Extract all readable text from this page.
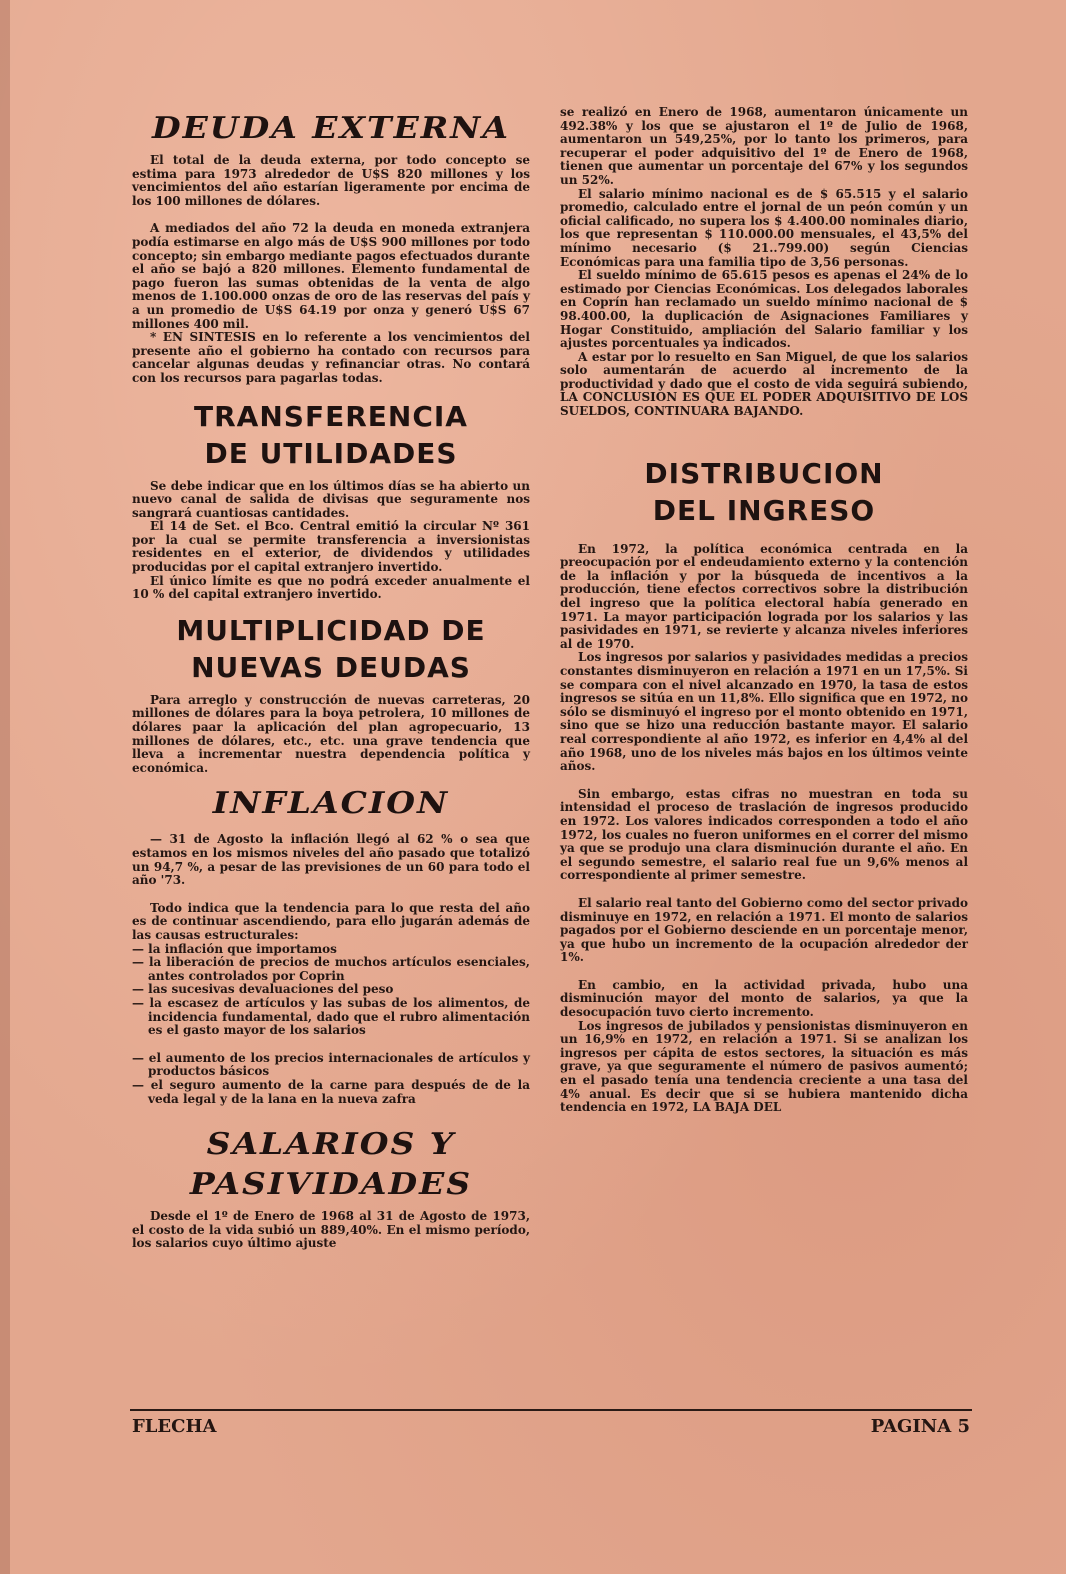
DEUDA EXTERNA

El total de la deuda externa, por todo concepto se estima para 1973 alrededor de U$S 820 millones y los vencimientos del año estarían ligeramente por encima de los 100 millones de dólares.

A mediados del año 72 la deuda en moneda extranjera podía estimarse en algo más de U$S 900 millones por todo concepto; sin embargo mediante pagos efectuados durante el año se bajó a 820 millones. Elemento fundamental de pago fueron las sumas obtenidas de la venta de algo menos de 1.100.000 onzas de oro de las reservas del país y a un promedio de U$S 64.19 por onza y generó U$S 67 millones 400 mil.

* EN SINTESIS en lo referente a los vencimientos del presente año el gobierno ha contado con recursos para cancelar algunas deudas y refinanciar otras. No contará con los recursos para pagarlas todas.

TRANSFERENCIA
DE UTILIDADES

Se debe indicar que en los últimos días se ha abierto un nuevo canal de salida de divisas que seguramente nos sangrará cuantiosas cantidades.

El 14 de Set. el Bco. Central emitió la circular Nº 361 por la cual se permite transferencia a inversionistas residentes en el exterior, de dividendos y utilidades producidas por el capital extranjero invertido.

El único límite es que no podrá exceder anualmente el 10 % del capital extranjero invertido.

MULTIPLICIDAD DE
NUEVAS DEUDAS

Para arreglo y construcción de nuevas carreteras, 20 millones de dólares para la boya petrolera, 10 millones de dólares paar la aplicación del plan agropecuario, 13 millones de dólares, etc., etc. una grave tendencia que lleva a incrementar nuestra dependencia política y económica.

INFLACION

— 31 de Agosto la inflación llegó al 62 % o sea que estamos en los mismos niveles del año pasado que totalizó un 94,7 %, a pesar de las previsiones de un 60 para todo el año '73.

Todo indica que la tendencia para lo que resta del año es de continuar ascendiendo, para ello jugarán además de las causas estructurales:

— la inflación que importamos
— la liberación de precios de muchos artículos esenciales, antes controlados por Coprin
— las sucesivas devaluaciones del peso
— la escasez de artículos y las subas de los alimentos, de incidencia fundamental, dado que el rubro alimentación es el gasto mayor de los salarios
— el aumento de los precios internacionales de artículos y productos básicos
— el seguro aumento de la carne para después de de la veda legal y de la lana en la nueva zafra
SALARIOS Y
PASIVIDADES

Desde el 1º de Enero de 1968 al 31 de Agosto de 1973, el costo de la vida subió un 889,40%. En el mismo período, los salarios cuyo último ajuste

se realizó en Enero de 1968, aumentaron únicamente un 492.38% y los que se ajustaron el 1º de Julio de 1968, aumentaron un 549,25%, por lo tanto los primeros, para recuperar el poder adquisitivo del 1º de Enero de 1968, tienen que aumentar un porcentaje del 67% y los segundos un 52%.

El salario mínimo nacional es de $ 65.515 y el salario promedio, calculado entre el jornal de un peón común y un oficial calificado, no supera los $ 4.400.00 nominales diario, los que representan $ 110.000.00 mensuales, el 43,5% del mínimo necesario ($ 21..799.00) según Ciencias Económicas para una familia tipo de 3,56 personas.

El sueldo mínimo de 65.615 pesos es apenas el 24% de lo estimado por Ciencias Económicas. Los delegados laborales en Coprín han reclamado un sueldo mínimo nacional de $ 98.400.00, la duplicación de Asignaciones Familiares y Hogar Constituido, ampliación del Salario familiar y los ajustes porcentuales ya indicados.

A estar por lo resuelto en San Miguel, de que los salarios solo aumentarán de acuerdo al incremento de la productividad y dado que el costo de vida seguirá subiendo, LA CONCLUSION ES QUE EL PODER ADQUISITIVO DE LOS SUELDOS, CONTINUARA BAJANDO.

DISTRIBUCION
DEL INGRESO

En 1972, la política económica centrada en la preocupación por el endeudamiento externo y la contención de la inflación y por la búsqueda de incentivos a la producción, tiene efectos correctivos sobre la distribución del ingreso que la política electoral había generado en 1971. La mayor participación lograda por los salarios y las pasividades en 1971, se revierte y alcanza niveles inferiores al de 1970.

Los ingresos por salarios y pasividades medidas a precios constantes disminuyeron en relación a 1971 en un 17,5%. Si se compara con el nivel alcanzado en 1970, la tasa de estos ingresos se sitúa en un 11,8%. Ello significa que en 1972, no sólo se disminuyó el ingreso por el monto obtenido en 1971, sino que se hizo una reducción bastante mayor. El salario real correspondiente al año 1972, es inferior en 4,4% al del año 1968, uno de los niveles más bajos en los últimos veinte años.

Sin embargo, estas cifras no muestran en toda su intensidad el proceso de traslación de ingresos producido en 1972. Los valores indicados corresponden a todo el año 1972, los cuales no fueron uniformes en el correr del mismo ya que se produjo una clara disminución durante el año. En el segundo semestre, el salario real fue un 9,6% menos al correspondiente al primer semestre.

El salario real tanto del Gobierno como del sector privado disminuye en 1972, en relación a 1971. El monto de salarios pagados por el Gobierno desciende en un porcentaje menor, ya que hubo un incremento de la ocupación alrededor der 1%.

En cambio, en la actividad privada, hubo una disminución mayor del monto de salarios, ya que la desocupación tuvo cierto incremento.

Los ingresos de jubilados y pensionistas disminuyeron en un 16,9% en 1972, en relación a 1971. Si se analizan los ingresos per cápita de estos sectores, la situación es más grave, ya que seguramente el número de pasivos aumentó; en el pasado tenía una tendencia creciente a una tasa del 4% anual. Es decir que si se hubiera mantenido dicha tendencia en 1972, LA BAJA DEL

FLECHA	PAGINA 5
